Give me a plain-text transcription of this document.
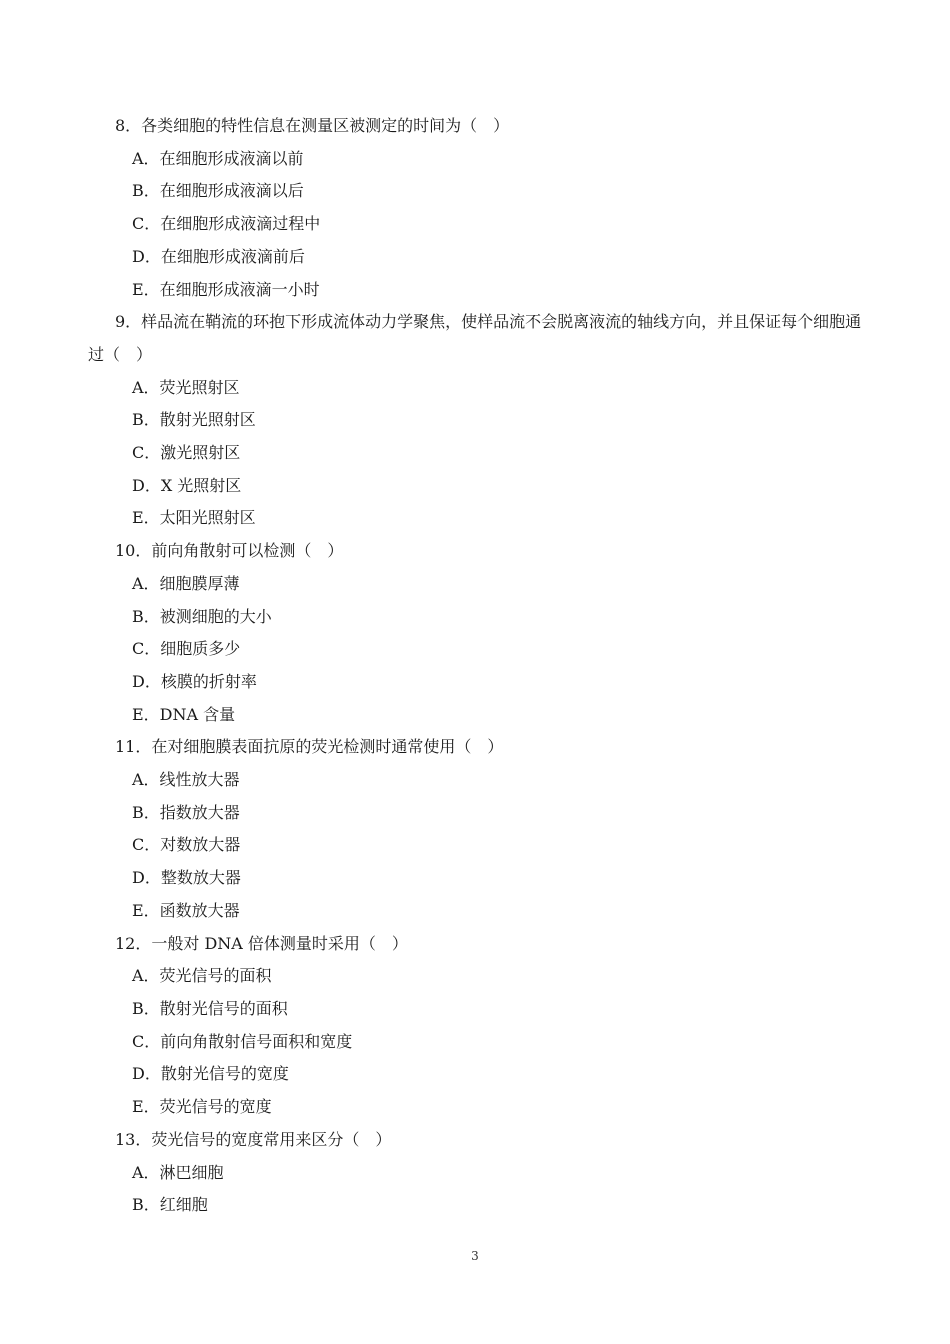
8．各类细胞的特性信息在测量区被测定的时间为（　）
A．在细胞形成液滴以前
B．在细胞形成液滴以后
C．在细胞形成液滴过程中
D．在细胞形成液滴前后
E．在细胞形成液滴一小时
9．样品流在鞘流的环抱下形成流体动力学聚焦，使样品流不会脱离液流的轴线方向，并且保证每个细胞通过（　）
A．荧光照射区
B．散射光照射区
C．激光照射区
D．X 光照射区
E．太阳光照射区
10．前向角散射可以检测（　）
A．细胞膜厚薄
B．被测细胞的大小
C．细胞质多少
D．核膜的折射率
E．DNA 含量
11．在对细胞膜表面抗原的荧光检测时通常使用（　）
A．线性放大器
B．指数放大器
C．对数放大器
D．整数放大器
E．函数放大器
12．一般对 DNA 倍体测量时采用（　）
A．荧光信号的面积
B．散射光信号的面积
C．前向角散射信号面积和宽度
D．散射光信号的宽度
E．荧光信号的宽度
13．荧光信号的宽度常用来区分（　）
A．淋巴细胞
B．红细胞
3
